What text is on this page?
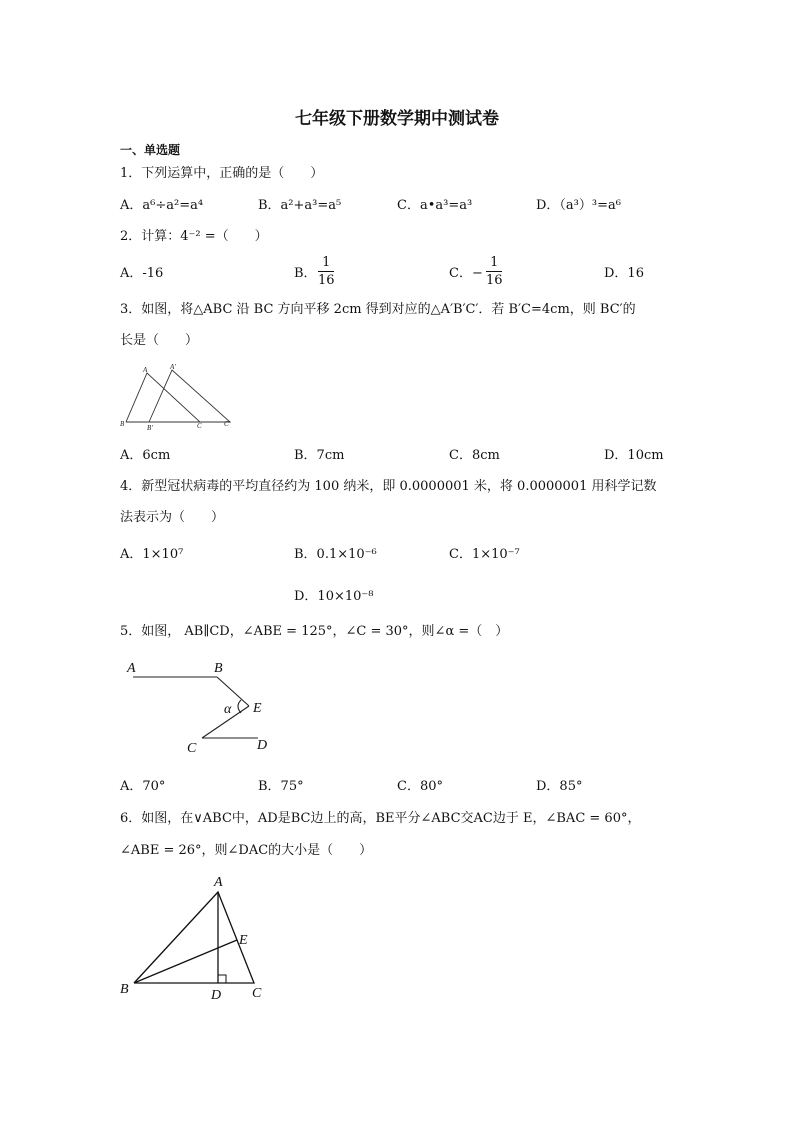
七年级下册数学期中测试卷
一、单选题
1．下列运算中，正确的是（　　）
A．a⁶÷a²=a⁴	B．a²+a³=a⁵	C．a•a³=a³	D．（a³）³=a⁶
2．计算：4⁻² =（　　）
A．-16	B．
1
16	C．−
1
16	D．16
3．如图，将△ABC 沿 BC 方向平移 2cm 得到对应的△A′B′C′．若 B′C=4cm，则 BC′的
长是（　　）
A	A′
B	B′	C	C′
A．6cm	B．7cm	C．8cm	D．10cm
4．新型冠状病毒的平均直径约为 100 纳米，即 0.0000001 米，将 0.0000001 用科学记数
法表示为（　　）
A．1×10⁷	B．0.1×10⁻⁶	C．1×10⁻⁷
D．10×10⁻⁸
5．如图， AB∥CD，∠ABE = 125°，∠C = 30°，则∠α =（　）
A	B
E
α
C	D
A．70°	B．75°	C．80°	D．85°
6．如图，在∨ABC中，AD是BC边上的高，BE平分∠ABC交AC边于 E，∠BAC = 60°，
∠ABE = 26°，则∠DAC的大小是（　　）
A
B	C
D
E
